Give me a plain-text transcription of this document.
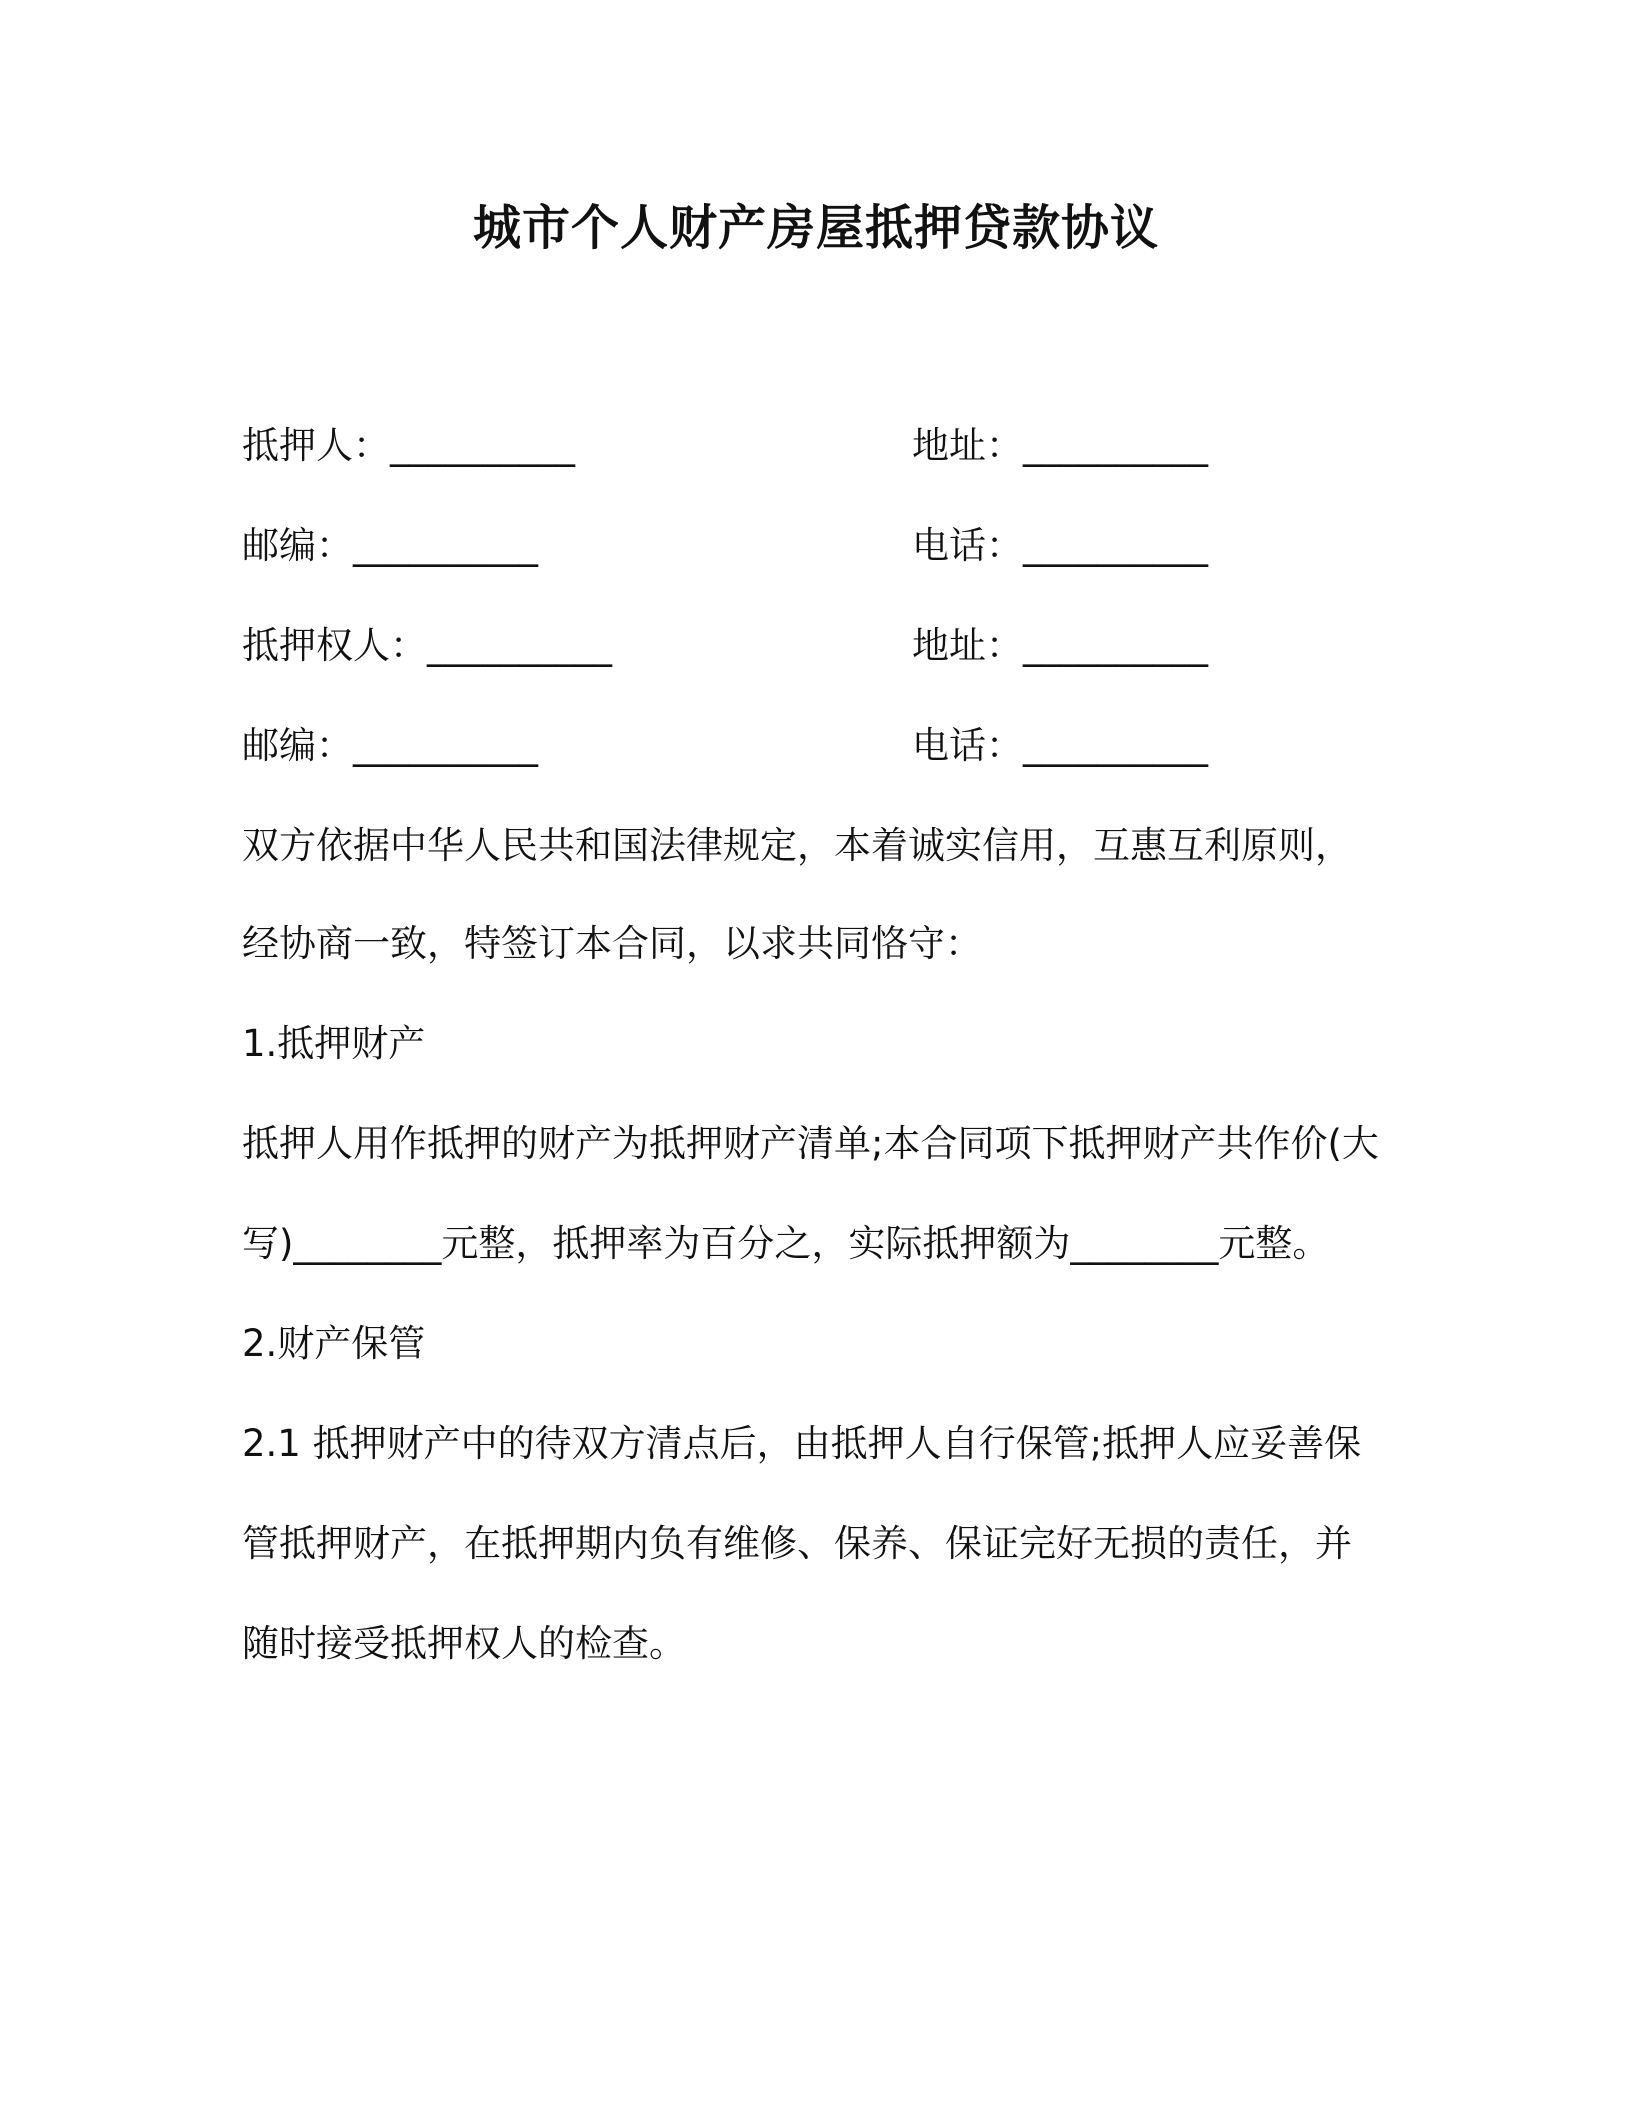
城市个人财产房屋抵押贷款协议
抵押人：__________	地址：__________
邮编：__________	电话：__________
抵押权人：__________	地址：__________
邮编：__________	电话：__________
双方依据中华人民共和国法律规定，本着诚实信用，互惠互利原则，
经协商一致，特签订本合同，以求共同恪守：
1.抵押财产
抵押人用作抵押的财产为抵押财产清单;本合同项下抵押财产共作价(大
写)________元整，抵押率为百分之，实际抵押额为________元整。
2.财产保管
2.1 抵押财产中的待双方清点后，由抵押人自行保管;抵押人应妥善保
管抵押财产，在抵押期内负有维修、保养、保证完好无损的责任，并
随时接受抵押权人的检查。
